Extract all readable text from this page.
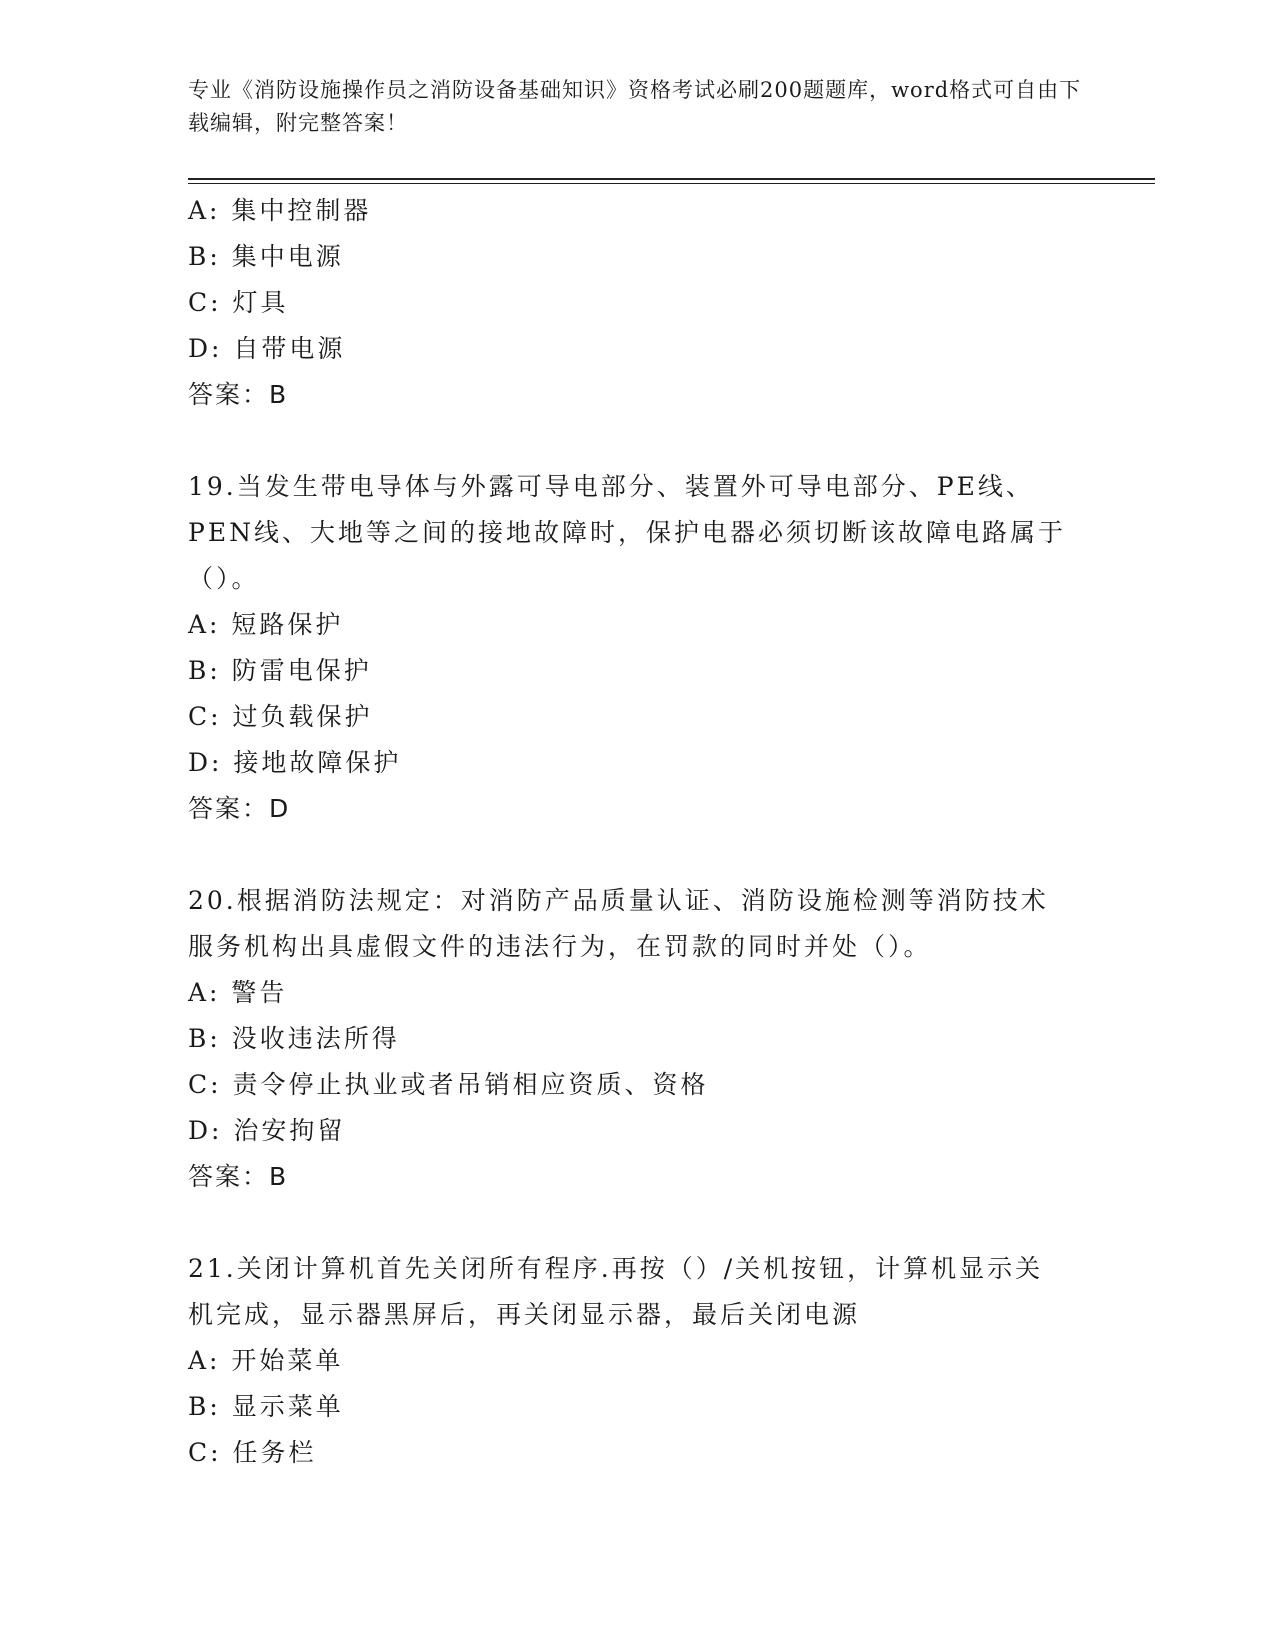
专业《消防设施操作员之消防设备基础知识》资格考试必刷200题题库，word格式可自由下载编辑，附完整答案！

A: 集中控制器

B: 集中电源

C: 灯具

D: 自带电源

答案：B

19.当发生带电导体与外露可导电部分、装置外可导电部分、PE线、

PEN线、大地等之间的接地故障时，保护电器必须切断该故障电路属于

（）。

A: 短路保护

B: 防雷电保护

C: 过负载保护

D: 接地故障保护

答案：D

20.根据消防法规定：对消防产品质量认证、消防设施检测等消防技术

服务机构出具虚假文件的违法行为，在罚款的同时并处（）。

A: 警告

B: 没收违法所得

C: 责令停止执业或者吊销相应资质、资格

D: 治安拘留

答案：B

21.关闭计算机首先关闭所有程序.再按（）/关机按钮，计算机显示关

机完成，显示器黑屏后，再关闭显示器，最后关闭电源

A: 开始菜单

B: 显示菜单

C: 任务栏
